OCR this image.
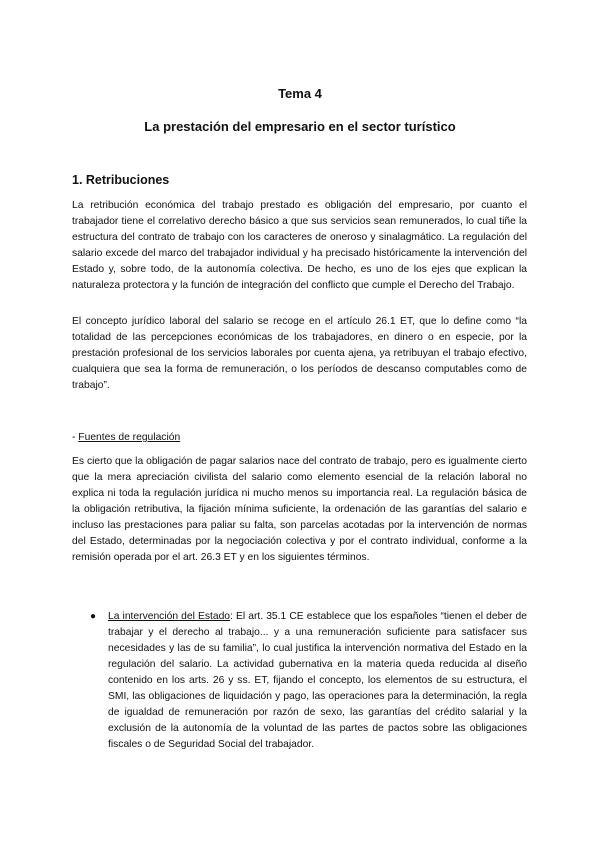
Tema 4
La prestación del empresario en el sector turístico
1. Retribuciones

La retribución económica del trabajo prestado es obligación del empresario, por cuanto el trabajador tiene el correlativo derecho básico a que sus servicios sean remunerados, lo cual tiñe la estructura del contrato de trabajo con los caracteres de oneroso y sinalagmático. La regulación del salario excede del marco del trabajador individual y ha precisado históricamente la intervención del Estado y, sobre todo, de la autonomía colectiva. De hecho, es uno de los ejes que explican la naturaleza protectora y la función de integración del conflicto que cumple el Derecho del Trabajo.

El concepto jurídico laboral del salario se recoge en el artículo 26.1 ET, que lo define como “la totalidad de las percepciones económicas de los trabajadores, en dinero o en especie, por la prestación profesional de los servicios laborales por cuenta ajena, ya retribuyan el trabajo efectivo, cualquiera que sea la forma de remuneración, o los períodos de descanso computables como de trabajo”.

- Fuentes de regulación

Es cierto que la obligación de pagar salarios nace del contrato de trabajo, pero es igualmente cierto que la mera apreciación civilista del salario como elemento esencial de la relación laboral no explica ni toda la regulación jurídica ni mucho menos su importancia real. La regulación básica de la obligación retributiva, la fijación mínima suficiente, la ordenación de las garantías del salario e incluso las prestaciones para paliar su falta, son parcelas acotadas por la intervención de normas del Estado, determinadas por la negociación colectiva y por el contrato individual, conforme a la remisión operada por el art. 26.3 ET y en los siguientes términos.

● La intervención del Estado: El art. 35.1 CE establece que los españoles “tienen el deber de trabajar y el derecho al trabajo... y a una remuneración suficiente para satisfacer sus necesidades y las de su familia”, lo cual justifica la intervención normativa del Estado en la regulación del salario. La actividad gubernativa en la materia queda reducida al diseño contenido en los arts. 26 y ss. ET, fijando el concepto, los elementos de su estructura, el SMI, las obligaciones de liquidación y pago, las operaciones para la determinación, la regla de igualdad de remuneración por razón de sexo, las garantías del crédito salarial y la exclusión de la autonomía de la voluntad de las partes de pactos sobre las obligaciones fiscales o de Seguridad Social del trabajador.
